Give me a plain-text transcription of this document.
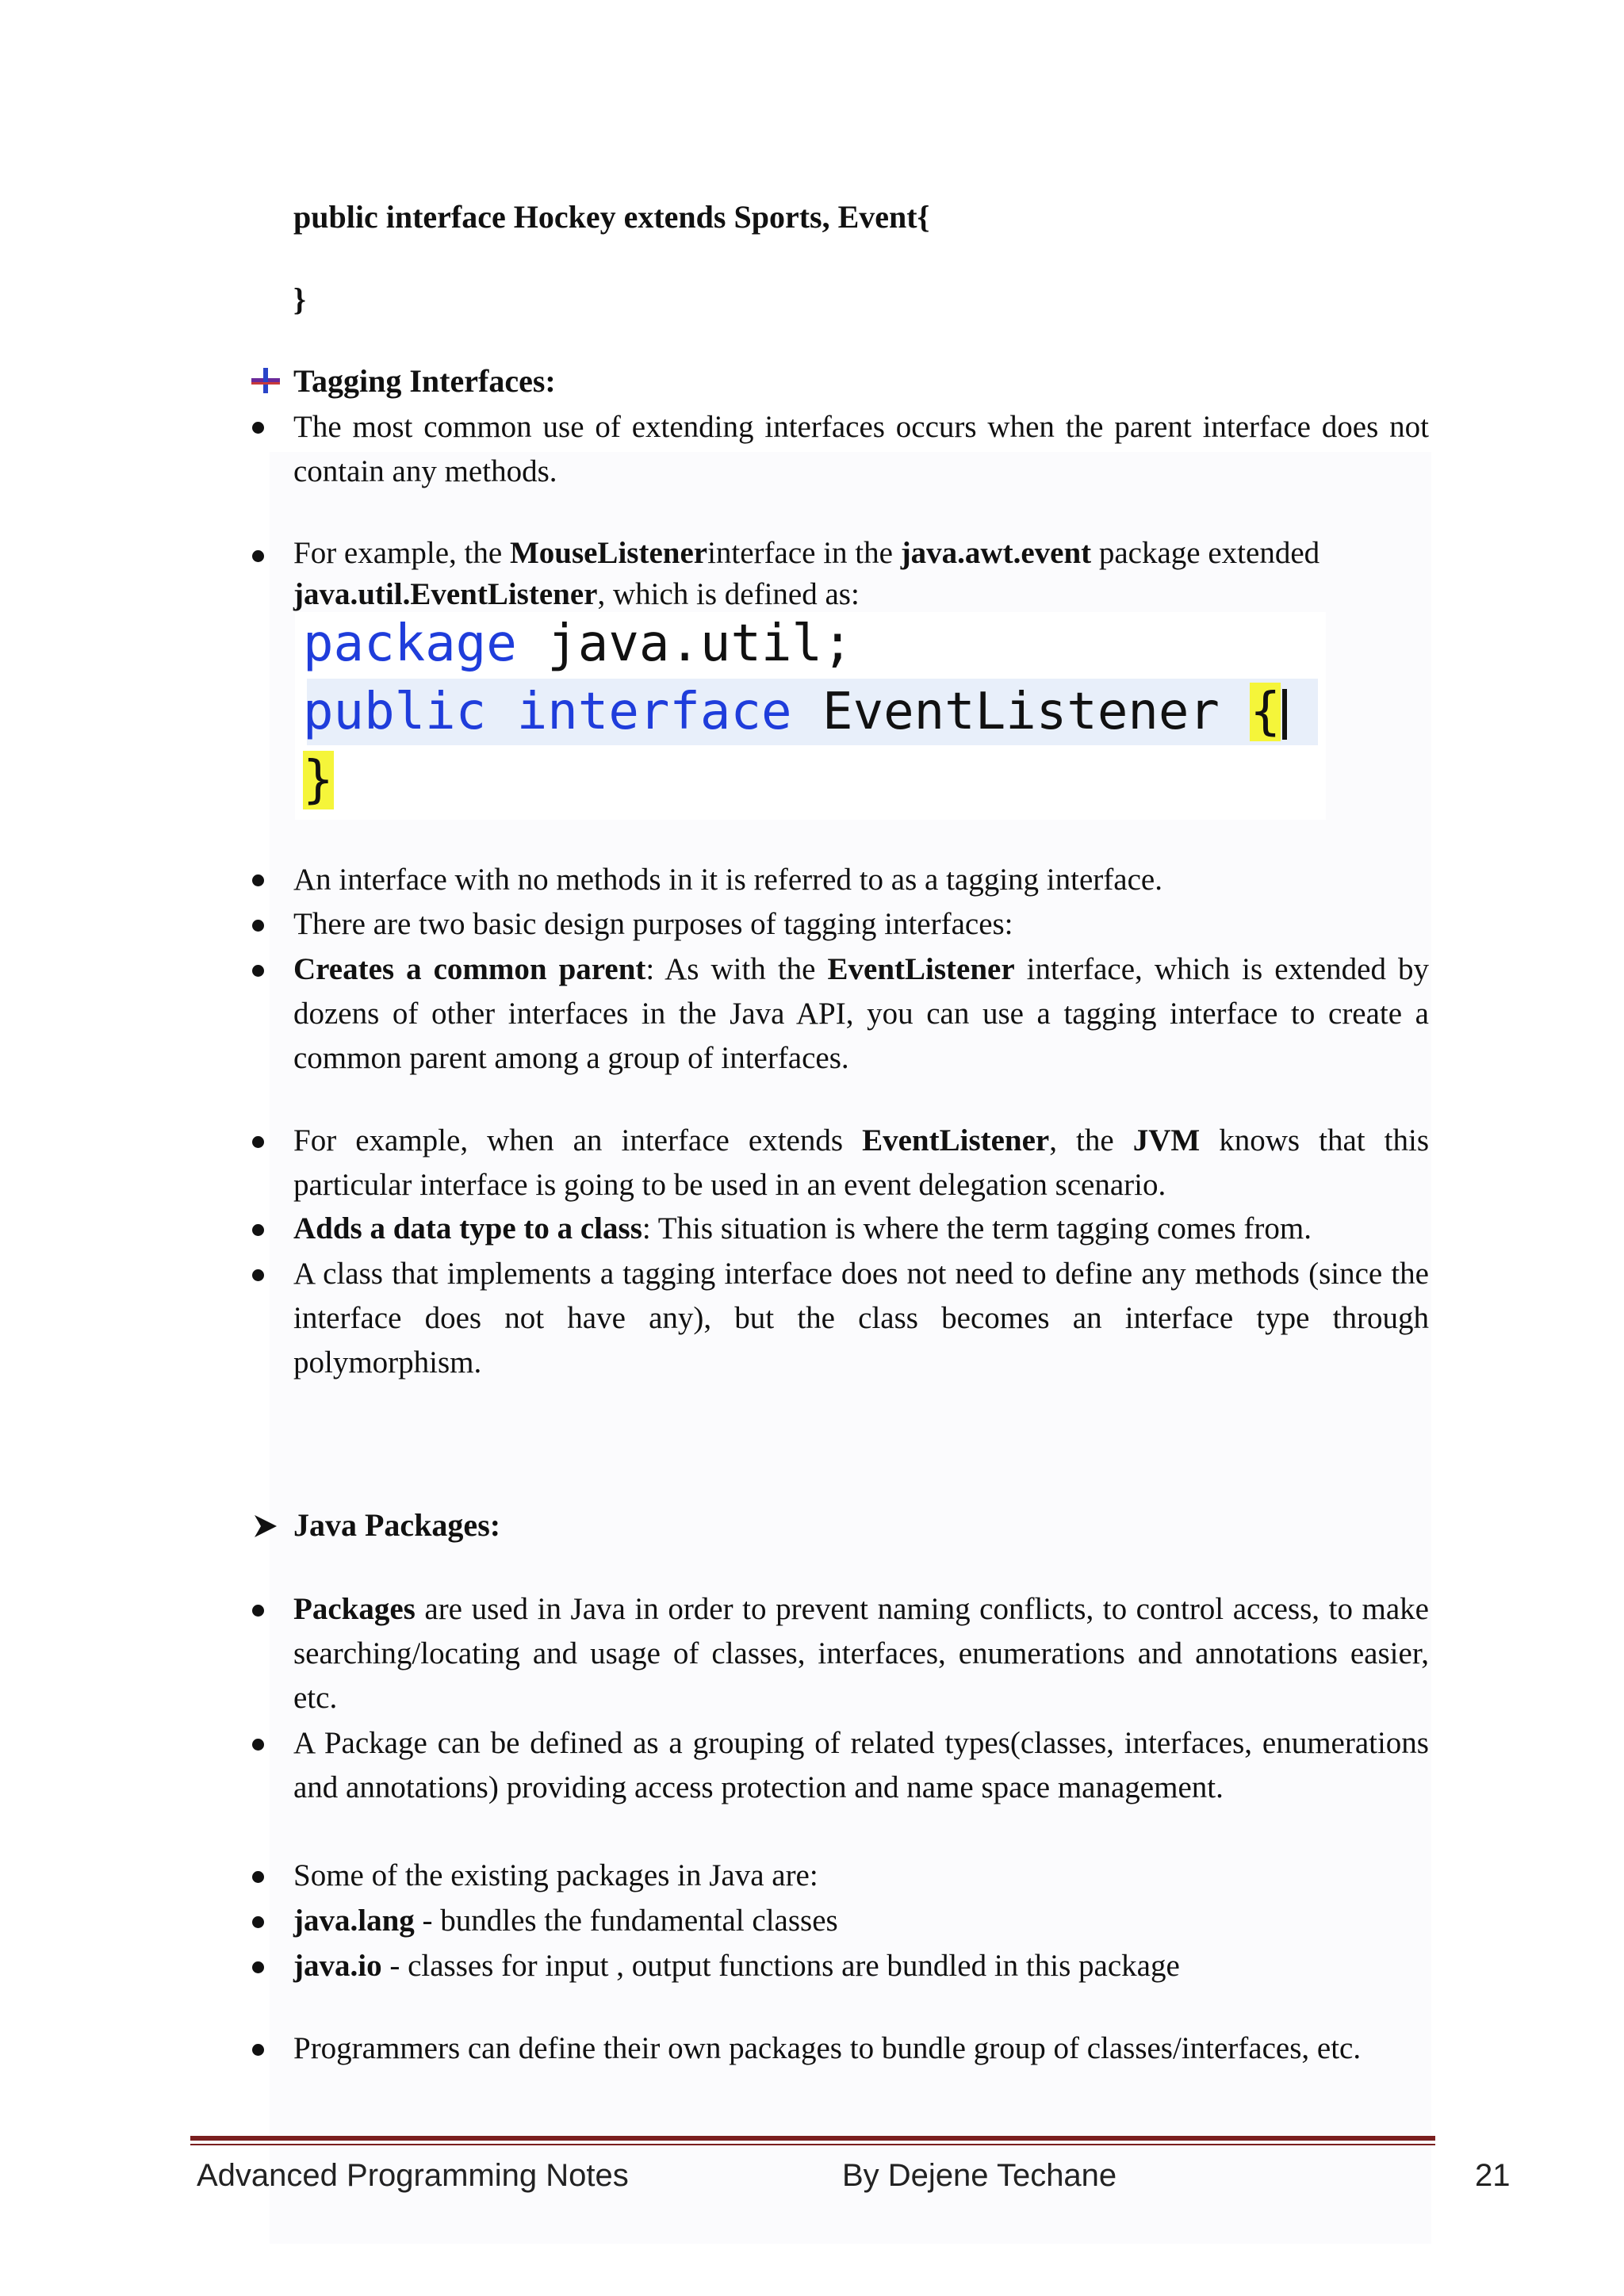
public interface Hockey extends Sports, Event{
}
Tagging Interfaces:
The most common use of extending interfaces occurs when the parent interface does not contain any methods.
For example, the MouseListenerinterface in the java.awt.event package extended
java.util.EventListener, which is defined as:
package java.util;
public interface EventListener {
}
An interface with no methods in it is referred to as a tagging interface.
There are two basic design purposes of tagging interfaces:
Creates a common parent: As with the EventListener interface, which is extended by dozens of other interfaces in the Java API, you can use a tagging interface to create a common parent among a group of interfaces.
For example, when an interface extends EventListener, the JVM knows that this particular interface is going to be used in an event delegation scenario.
Adds a data type to a class: This situation is where the term tagging comes from.
A class that implements a tagging interface does not need to define any methods (since the interface does not have any), but the class becomes an interface type through polymorphism.
Java Packages:
Packages are used in Java in order to prevent naming conflicts, to control access, to make searching/locating and usage of classes, interfaces, enumerations and annotations easier, etc.
A Package can be defined as a grouping of related types(classes, interfaces, enumerations and annotations) providing access protection and name space management.
Some of the existing packages in Java are:
java.lang - bundles the fundamental classes
java.io - classes for input , output functions are bundled in this package
Programmers can define their own packages to bundle group of classes/interfaces, etc.
Advanced Programming Notes	By Dejene Techane	21
